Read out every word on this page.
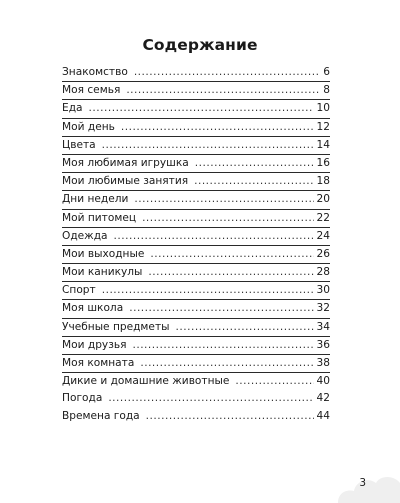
Содержание
Знакомство .....	6
Моя семья .....	8
Еда .....	10
Мой день .....	12
Цвета .....	14
Моя любимая игрушка .....	16
Мои любимые занятия .....	18
Дни недели .....	20
Мой питомец .....	22
Одежда .....	24
Мои выходные .....	26
Мои каникулы .....	28
Спорт .....	30
Моя школа .....	32
Учебные предметы .....	34
Мои друзья .....	36
Моя комната .....	38
Дикие и домашние животные .....	40
Погода .....	42
Времена года .....	44
3
